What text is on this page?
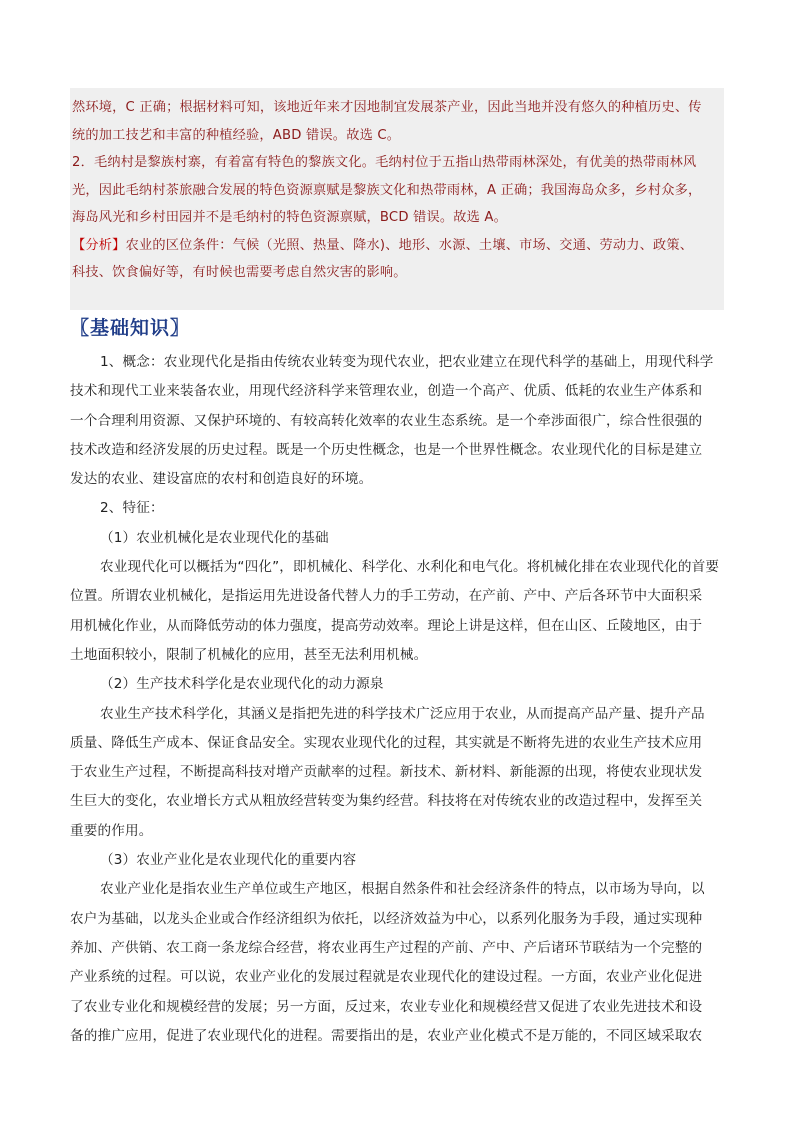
然环境，C 正确；根据材料可知，该地近年来才因地制宜发展茶产业，因此当地并没有悠久的种植历史、传
统的加工技艺和丰富的种植经验，ABD 错误。故选 C。
2．毛纳村是黎族村寨，有着富有特色的黎族文化。毛纳村位于五指山热带雨林深处，有优美的热带雨林风
光，因此毛纳村茶旅融合发展的特色资源禀赋是黎族文化和热带雨林，A 正确；我国海岛众多，乡村众多，
海岛风光和乡村田园并不是毛纳村的特色资源禀赋，BCD 错误。故选 A。
【分析】农业的区位条件：气候（光照、热量、降水)、地形、水源、土壤、市场、交通、劳动力、政策、
科技、饮食偏好等，有时候也需要考虑自然灾害的影响。
〖基础知识〗
1、概念：农业现代化是指由传统农业转变为现代农业，把农业建立在现代科学的基础上，用现代科学
技术和现代工业来装备农业，用现代经济科学来管理农业，创造一个高产、优质、低耗的农业生产体系和
一个合理利用资源、又保护环境的、有较高转化效率的农业生态系统。是一个牵涉面很广，综合性很强的
技术改造和经济发展的历史过程。既是一个历史性概念，也是一个世界性概念。农业现代化的目标是建立
发达的农业、建设富庶的农村和创造良好的环境。
2、特征：
（1）农业机械化是农业现代化的基础
农业现代化可以概括为“四化”，即机械化、科学化、水利化和电气化。将机械化排在农业现代化的首要
位置。所谓农业机械化，是指运用先进设备代替人力的手工劳动，在产前、产中、产后各环节中大面积采
用机械化作业，从而降低劳动的体力强度，提高劳动效率。理论上讲是这样，但在山区、丘陵地区，由于
土地面积较小，限制了机械化的应用，甚至无法利用机械。
（2）生产技术科学化是农业现代化的动力源泉
农业生产技术科学化，其涵义是指把先进的科学技术广泛应用于农业，从而提高产品产量、提升产品
质量、降低生产成本、保证食品安全。实现农业现代化的过程，其实就是不断将先进的农业生产技术应用
于农业生产过程，不断提高科技对增产贡献率的过程。新技术、新材料、新能源的出现，将使农业现状发
生巨大的变化，农业增长方式从粗放经营转变为集约经营。科技将在对传统农业的改造过程中，发挥至关
重要的作用。
（3）农业产业化是农业现代化的重要内容
农业产业化是指农业生产单位或生产地区，根据自然条件和社会经济条件的特点，以市场为导向，以
农户为基础，以龙头企业或合作经济组织为依托，以经济效益为中心，以系列化服务为手段，通过实现种
养加、产供销、农工商一条龙综合经营，将农业再生产过程的产前、产中、产后诸环节联结为一个完整的
产业系统的过程。可以说，农业产业化的发展过程就是农业现代化的建设过程。一方面，农业产业化促进
了农业专业化和规模经营的发展；另一方面，反过来，农业专业化和规模经营又促进了农业先进技术和设
备的推广应用，促进了农业现代化的进程。需要指出的是，农业产业化模式不是万能的，不同区域采取农
